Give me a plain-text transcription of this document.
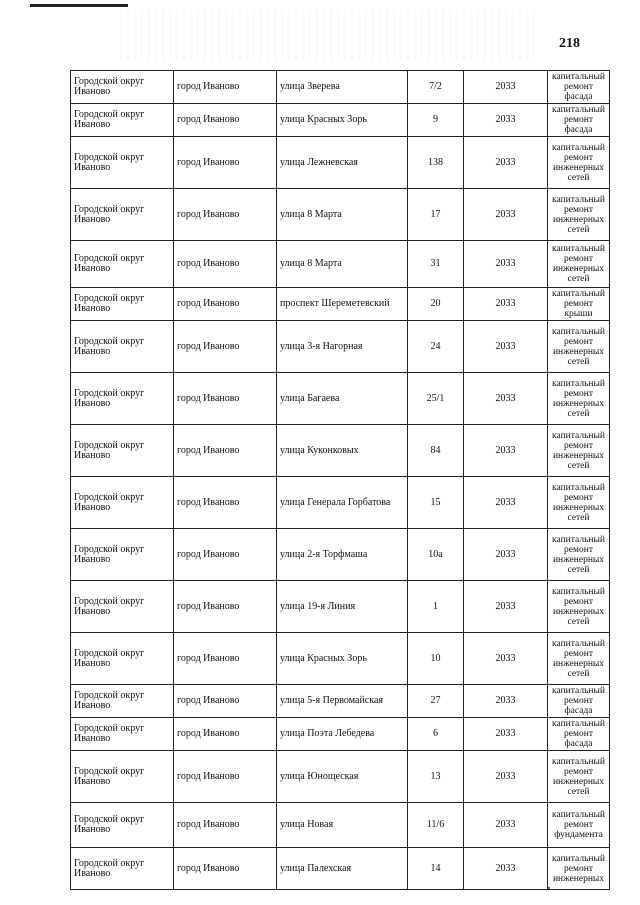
218
Городской округ Иваново	город Иваново	улица Зверева	7/2	2033	капитальный ремонт фасада
Городской округ Иваново	город Иваново	улица Красных Зорь	9	2033	капитальный ремонт фасада
Городской округ Иваново	город Иваново	улица Лежневская	138	2033	капитальный ремонт инженерных сетей
Городской округ Иваново	город Иваново	улица 8 Марта	17	2033	капитальный ремонт инженерных сетей
Городской округ Иваново	город Иваново	улица 8 Марта	31	2033	капитальный ремонт инженерных сетей
Городской округ Иваново	город Иваново	проспект Шереметевский	20	2033	капитальный ремонт крыши
Городской округ Иваново	город Иваново	улица 3-я Нагорная	24	2033	капитальный ремонт инженерных сетей
Городской округ Иваново	город Иваново	улица Багаева	25/1	2033	капитальный ремонт инженерных сетей
Городской округ Иваново	город Иваново	улица Куконковых	84	2033	капитальный ремонт инженерных сетей
Городской округ Иваново	город Иваново	улица Генерала Горбатова	15	2033	капитальный ремонт инженерных сетей
Городской округ Иваново	город Иваново	улица 2-я Торфмаша	10а	2033	капитальный ремонт инженерных сетей
Городской округ Иваново	город Иваново	улица 19-я Линия	1	2033	капитальный ремонт инженерных сетей
Городской округ Иваново	город Иваново	улица Красных Зорь	10	2033	капитальный ремонт инженерных сетей
Городской округ Иваново	город Иваново	улица 5-я Первомайская	27	2033	капитальный ремонт фасада
Городской округ Иваново	город Иваново	улица Поэта Лебедева	6	2033	капитальный ремонт фасада
Городской округ Иваново	город Иваново	улица Юнощеская	13	2033	капитальный ремонт инженерных сетей
Городской округ Иваново	город Иваново	улица Новая	11/6	2033	капитальный ремонт фундамента
Городской округ Иваново	город Иваново	улица Палехская	14	2033	капитальный ремонт инженерных
